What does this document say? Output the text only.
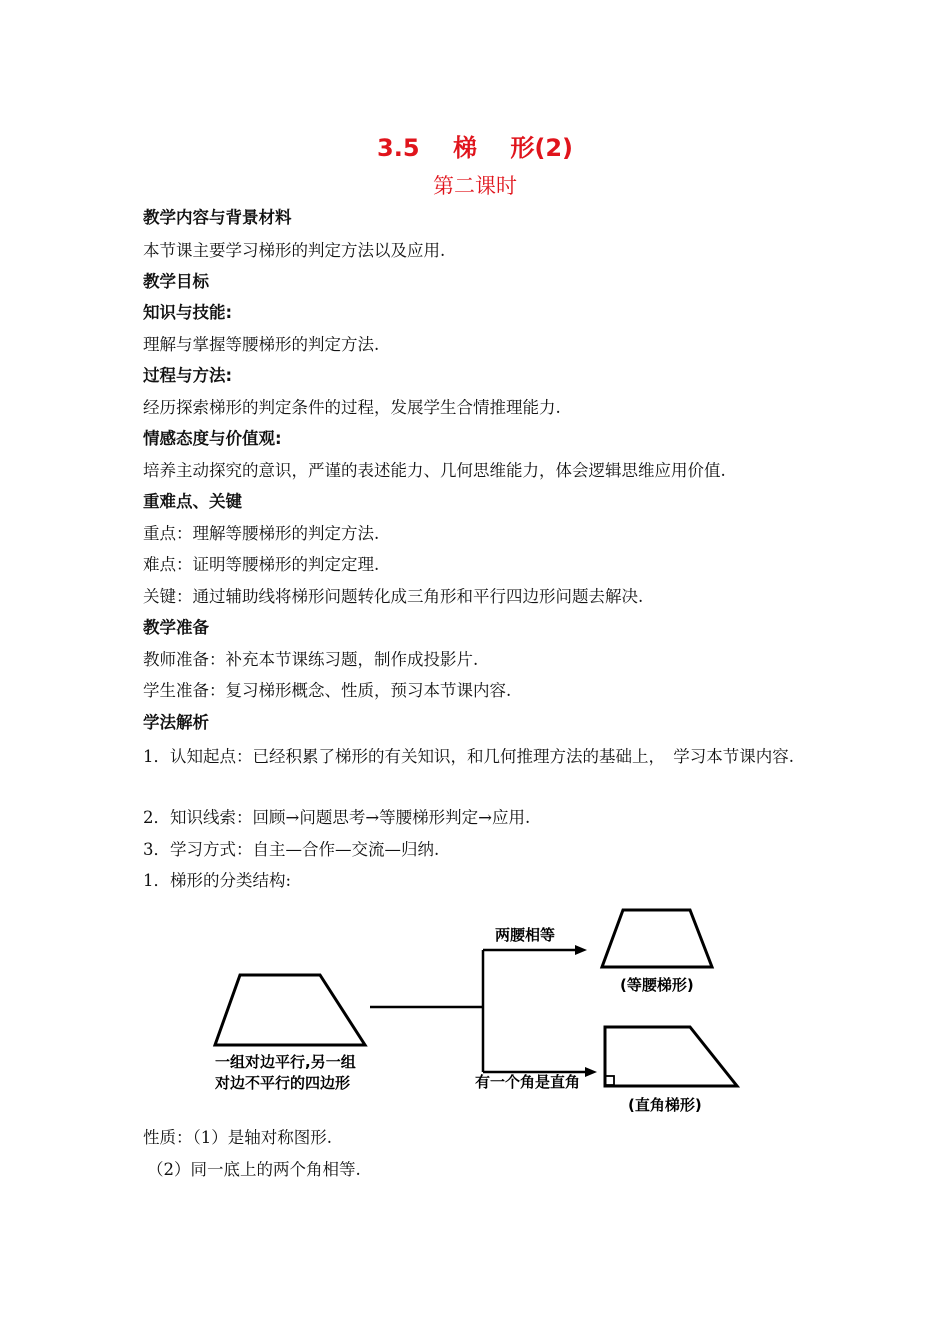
3.5    梯    形(2)
第二课时
教学内容与背景材料
本节课主要学习梯形的判定方法以及应用.
教学目标
知识与技能:
理解与掌握等腰梯形的判定方法.
过程与方法:
经历探索梯形的判定条件的过程，发展学生合情推理能力.
情感态度与价值观:
培养主动探究的意识，严谨的表述能力、几何思维能力，体会逻辑思维应用价值.
重难点、关键
重点：理解等腰梯形的判定方法.
难点：证明等腰梯形的判定定理.
关键：通过辅助线将梯形问题转化成三角形和平行四边形问题去解决.
教学准备
教师准备：补充本节课练习题，制作成投影片.
学生准备：复习梯形概念、性质，预习本节课内容.
学法解析
1．认知起点：已经积累了梯形的有关知识，和几何推理方法的基础上，　学习本节课内容.
2．知识线索：回顾→问题思考→等腰梯形判定→应用.
3．学习方式：自主—合作—交流—归纳.
1．梯形的分类结构:
一组对边平行,另一组
对边不平行的四边形
两腰相等
有一个角是直角
(等腰梯形)
(直角梯形)
性质：（1）是轴对称图形.
（2）同一底上的两个角相等.
